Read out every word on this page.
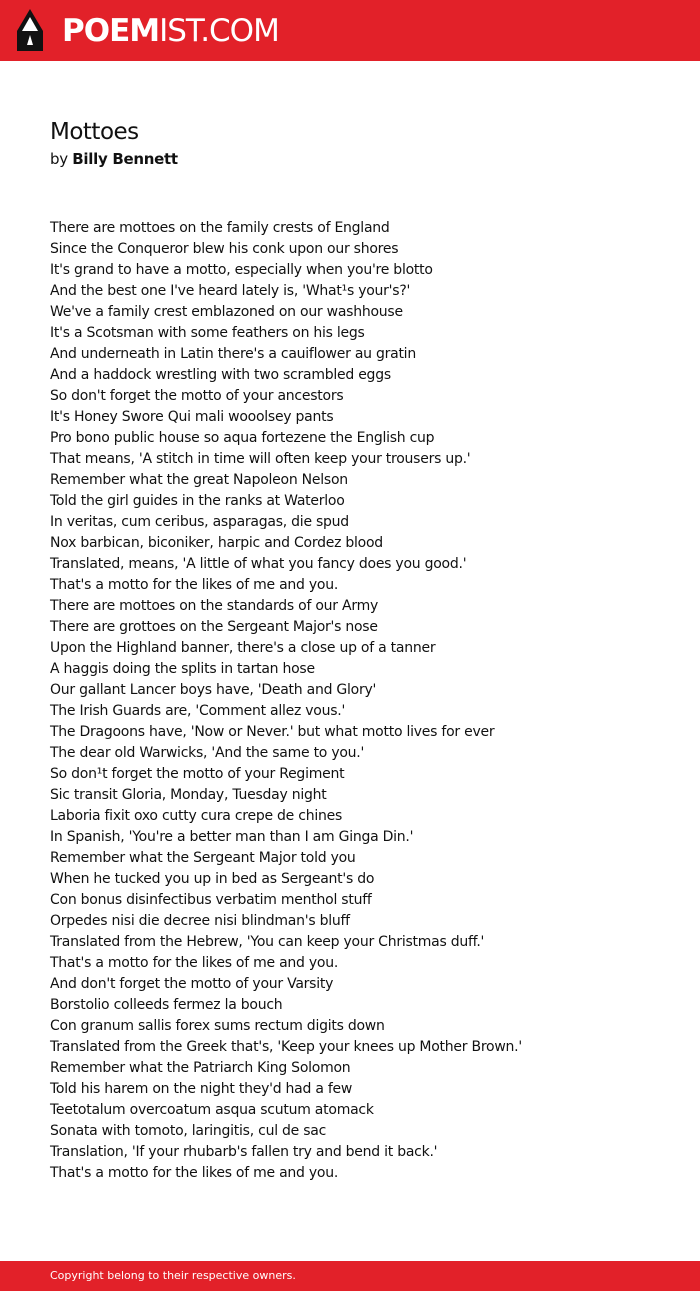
POEMIST.COM
Mottoes
by Billy Bennett
There are mottoes on the family crests of England
Since the Conqueror blew his conk upon our shores
It's grand to have a motto, especially when you're blotto
And the best one I've heard lately is, 'What¹s your's?'
We've a family crest emblazoned on our washhouse
It's a Scotsman with some feathers on his legs
And underneath in Latin there's a cauiflower au gratin
And a haddock wrestling with two scrambled eggs
So don't forget the motto of your ancestors
It's Honey Swore Qui mali wooolsey pants
Pro bono public house so aqua fortezene the English cup
That means, 'A stitch in time will often keep your trousers up.'
Remember what the great Napoleon Nelson
Told the girl guides in the ranks at Waterloo
In veritas, cum ceribus, asparagas, die spud
Nox barbican, biconiker, harpic and Cordez blood
Translated, means, 'A little of what you fancy does you good.'
That's a motto for the likes of me and you.
There are mottoes on the standards of our Army
There are grottoes on the Sergeant Major's nose
Upon the Highland banner, there's a close up of a tanner
A haggis doing the splits in tartan hose
Our gallant Lancer boys have, 'Death and Glory'
The Irish Guards are, 'Comment allez vous.'
The Dragoons have, 'Now or Never.' but what motto lives for ever
The dear old Warwicks, 'And the same to you.'
So don¹t forget the motto of your Regiment
Sic transit Gloria, Monday, Tuesday night
Laboria fixit oxo cutty cura crepe de chines
In Spanish, 'You're a better man than I am Ginga Din.'
Remember what the Sergeant Major told you
When he tucked you up in bed as Sergeant's do
Con bonus disinfectibus verbatim menthol stuff
Orpedes nisi die decree nisi blindman's bluff
Translated from the Hebrew, 'You can keep your Christmas duff.'
That's a motto for the likes of me and you.
And don't forget the motto of your Varsity
Borstolio colleeds fermez la bouch
Con granum sallis forex sums rectum digits down
Translated from the Greek that's, 'Keep your knees up Mother Brown.'
Remember what the Patriarch King Solomon
Told his harem on the night they'd had a few
Teetotalum overcoatum asqua scutum atomack
Sonata with tomoto, laringitis, cul de sac
Translation, 'If your rhubarb's fallen try and bend it back.'
That's a motto for the likes of me and you.
Copyright belong to their respective owners.
